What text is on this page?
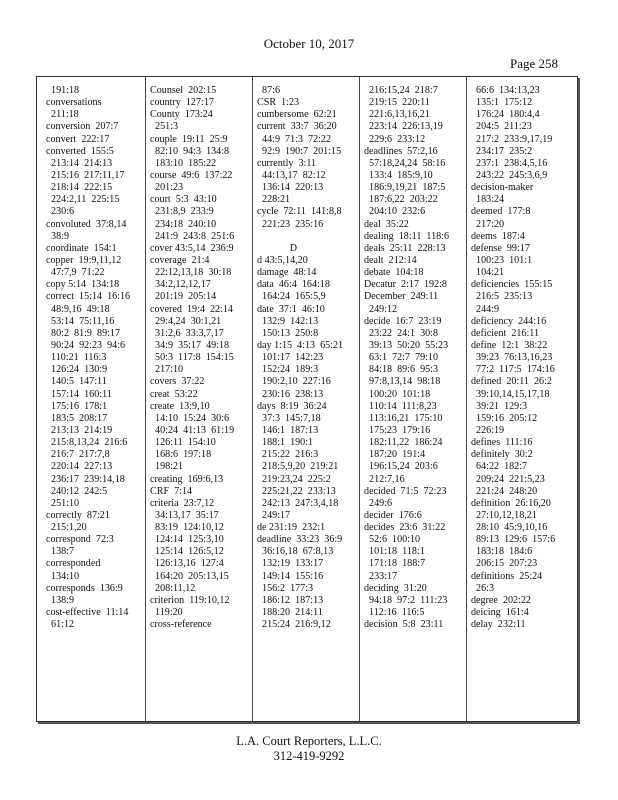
October 10, 2017
Page 258
191:18
conversations
211:18
conversion  207:7
convert  222:17
converted  155:5
213:14  214:13
215:16  217:11,17
218:14  222:15
224:2,11  225:15
230:6
convoluted  37:8,14
38:9
coordinate  154:1
copper  19:9,11,12
47:7,9  71:22
copy 5:14  134:18
correct  15:14  16:16
48:9,16  49:18
53:14  75:11,16
80:2  81:9  89:17
90:24  92:23  94:6
110:21  116:3
126:24  130:9
140:5  147:11
157:14  160:11
175:16  178:1
183:5  208:17
213:13  214:19
215:8,13,24  216:6
216:7  217:7,8
220:14  227:13
236:17  239:14,18
240:12  242:5
251:10
correctly  87:21
215:1,20
correspond  72:3
138:7
corresponded
134:10
corresponds  136:9
138:9
cost-effective  11:14
61:12
Counsel  202:15
country  127:17
County  173:24
251:3
couple  19:11  25:9
82:10  94:3  134:8
183:10  185:22
course  49:6  137:22
201:23
court  5:3  43:10
231:8,9  233:9
234:18  240:10
241:9  243:8  251:6
cover 43:5,14  236:9
coverage  21:4
22:12,13,18  30:18
34:2,12,12,17
201:19  205:14
covered  19:4  22:14
29:4,24  30:1,21
31:2,6  33:3,7,17
34:9  35:17  49:18
50:3  117:8  154:15
217:10
covers  37:22
creat  53:22
create  13:9,10
14:10  15:24  30:6
40:24  41:13  61:19
126:11  154:10
168:6  197:18
198:21
creating  169:6,13
CRF  7:14
criteria  23:7,12
34:13,17  35:17
83:19  124:10,12
124:14  125:3,10
125:14  126:5,12
126:13,16  127:4
164:20  205:13,15
208:11,12
criterion  119:10,12
119:20
cross-reference
87:6
CSR  1:23
cumbersome  62:21
current  33:7  36:20
44:9  71:3  72:22
92:9  190:7  201:15
currently  3:11
44:13,17  82:12
136:14  220:13
228:21
cycle  72:11  141:8,8
221:23  235:16
D
d 43:5,14,20
damage  48:14
data  46:4  164:18
164:24  165:5,9
date  37:1  46:10
132:9  142:13
150:13  250:8
day 1:15  4:13  65:21
101:17  142:23
152:24  189:3
190:2,10  227:16
230:16  238:13
days  8:19  36:24
37:3  145:7,18
146:1  187:13
188:1  190:1
215:22  216:3
218:5,9,20  219:21
219:23,24  225:2
225:21,22  233:13
242:13  247:3,4,18
249:17
de 231:19  232:1
deadline  33:23  36:9
36:16,18  67:8,13
132:19  133:17
149:14  155:16
156:2  177:3
186:12  187:13
188:20  214:11
215:24  216:9,12
216:15,24  218:7
219:15  220:11
221:6,13,16,21
223:14  226:13,19
229:6  233:12
deadlines  57:2,16
57:18,24,24  58:16
133:4  185:9,10
186:9,19,21  187:5
187:6,22  203:22
204:10  232:6
deal  35:22
dealing  18:11  118:6
deals  25:11  228:13
dealt  212:14
debate  104:18
Decatur  2:17  192:8
December  249:11
249:12
decide  16:7  23:19
23:22  24:1  30:8
39:13  50:20  55:23
63:1  72:7  79:10
84:18  89:6  95:3
97:8,13,14  98:18
100:20  101:18
110:14  111:8,23
113:16,21  175:10
175:23  179:16
182:11,22  186:24
187:20  191:4
196:15,24  203:6
212:7,16
decided  71:5  72:23
249:6
decider  176:6
decides  23:6  31:22
52:6  100:10
101:18  118:1
171:18  188:7
233:17
deciding  31:20
94:18  97:2  111:23
112:16  116:5
decision  5:8  23:11
66:6  134:13,23
135:1  175:12
176:24  180:4,4
204:5  211:23
217:2  233:9,17,19
234:17  235:2
237:1  238:4,5,16
243:22  245:3,6,9
decision-maker
183:24
deemed  177:8
217:20
deems  187:4
defense  99:17
100:23  101:1
104:21
deficiencies  155:15
216:5  235:13
244:9
deficiency  244:16
deficient  216:11
define  12:1  38:22
39:23  76:13,16,23
77:2  117:5  174:16
defined  20:11  26:2
39:10,14,15,17,18
39:21  129:3
159:16  205:12
226:19
defines  111:16
definitely  30:2
64:22  182:7
209:24  221:5,23
221:24  248:20
definition  26:16,20
27:10,12,18,21
28:10  45:9,10,16
89:13  129:6  157:6
183:18  184:6
206:15  207:23
definitions  25:24
26:3
degree  202:22
deicing  161:4
delay  232:11
L.A. Court Reporters, L.L.C.
312-419-9292
